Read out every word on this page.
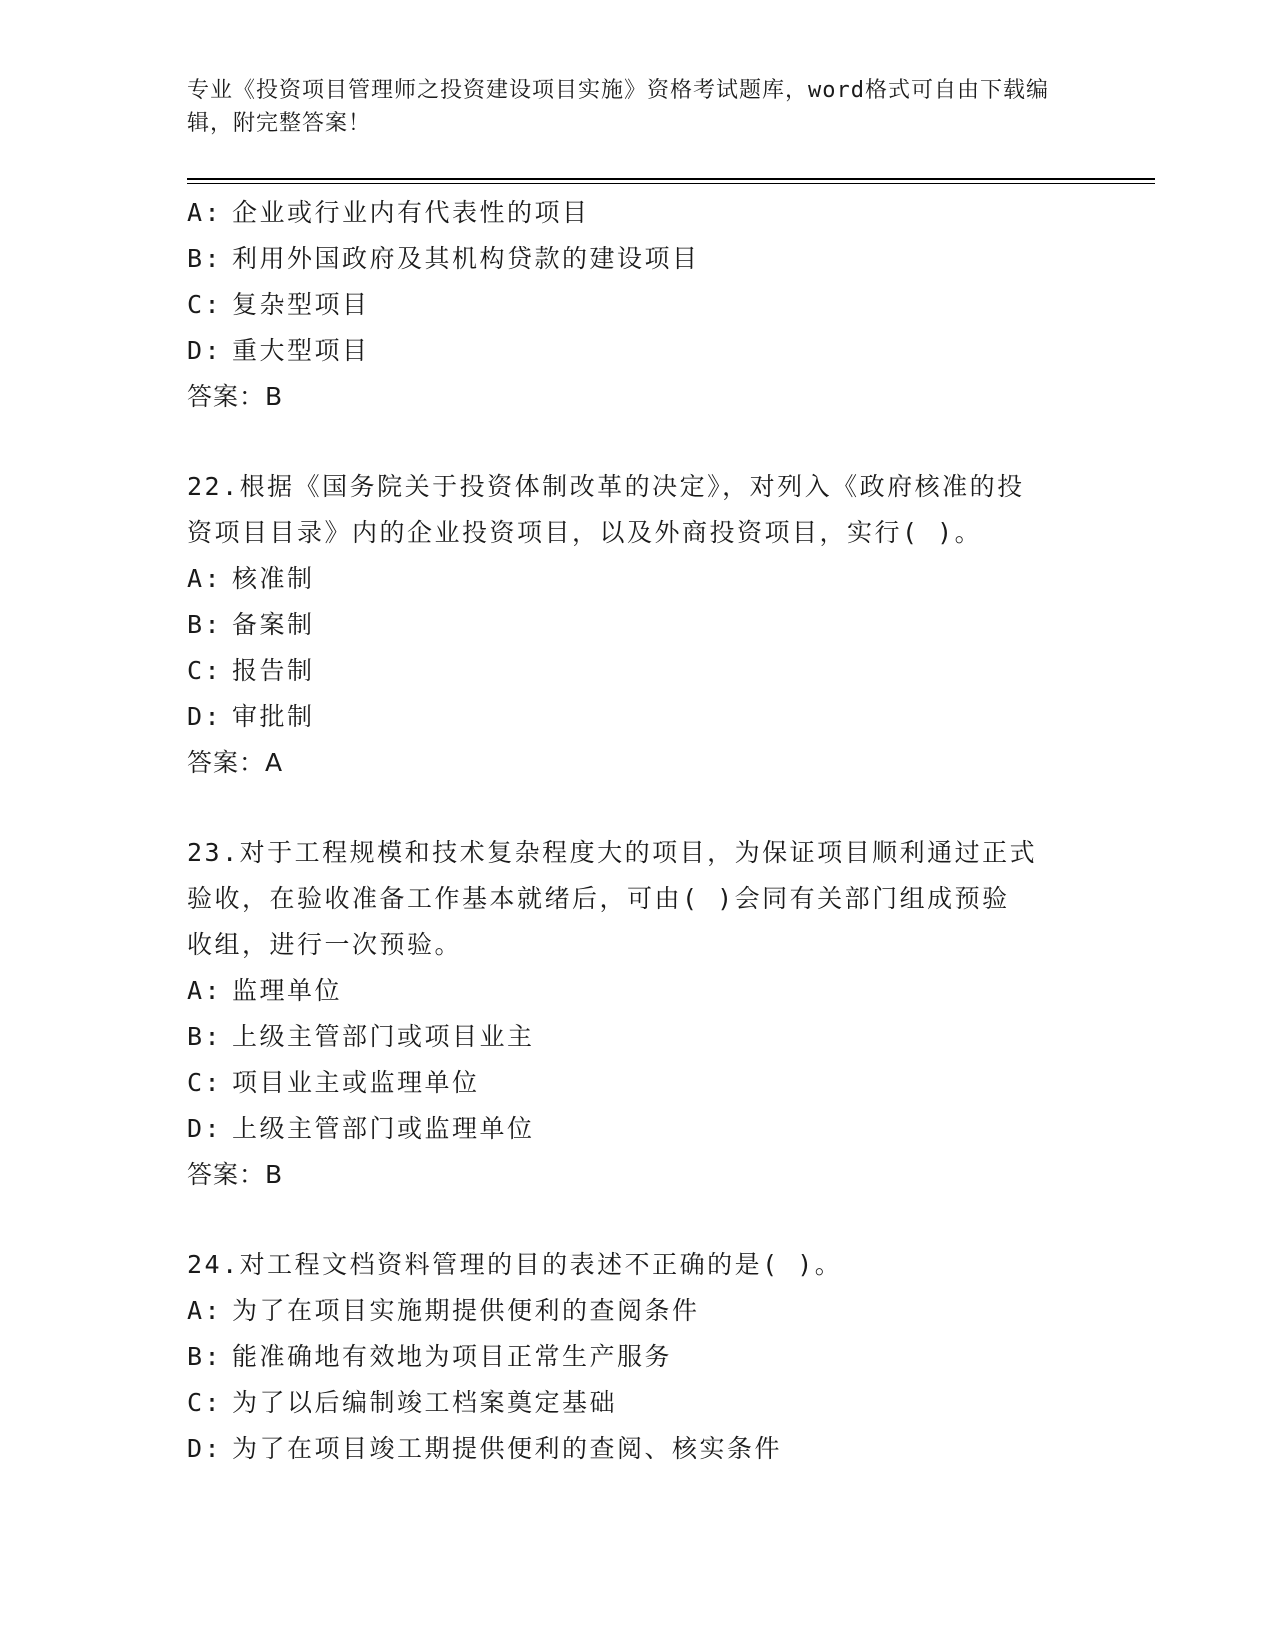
专业《投资项目管理师之投资建设项目实施》资格考试题库，word格式可自由下载编辑，附完整答案！
A: 企业或行业内有代表性的项目
B: 利用外国政府及其机构贷款的建设项目
C: 复杂型项目
D: 重大型项目
答案：B
22.根据《国务院关于投资体制改革的决定》，对列入《政府核准的投
资项目目录》内的企业投资项目，以及外商投资项目，实行( )。
A: 核准制
B: 备案制
C: 报告制
D: 审批制
答案：A
23.对于工程规模和技术复杂程度大的项目，为保证项目顺利通过正式
验收，在验收准备工作基本就绪后，可由( )会同有关部门组成预验
收组，进行一次预验。
A: 监理单位
B: 上级主管部门或项目业主
C: 项目业主或监理单位
D: 上级主管部门或监理单位
答案：B
24.对工程文档资料管理的目的表述不正确的是( )。
A: 为了在项目实施期提供便利的查阅条件
B: 能准确地有效地为项目正常生产服务
C: 为了以后编制竣工档案奠定基础
D: 为了在项目竣工期提供便利的查阅、核实条件
